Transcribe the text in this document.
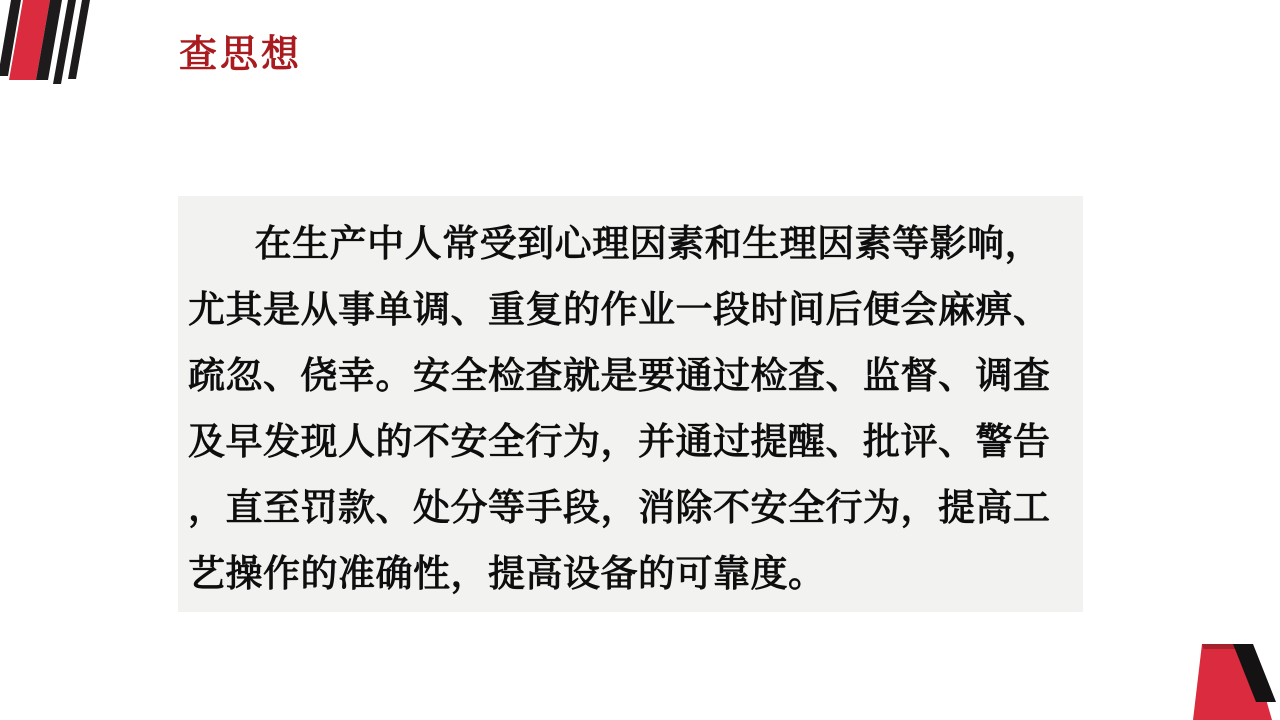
查思想
在生产中人常受到心理因素和生理因素等影响，
尤其是从事单调、重复的作业一段时间后便会麻痹、
疏忽、侥幸。安全检查就是要通过检查、监督、调查
及早发现人的不安全行为，并通过提醒、批评、警告
，直至罚款、处分等手段，消除不安全行为，提高工
艺操作的准确性，提高设备的可靠度。
